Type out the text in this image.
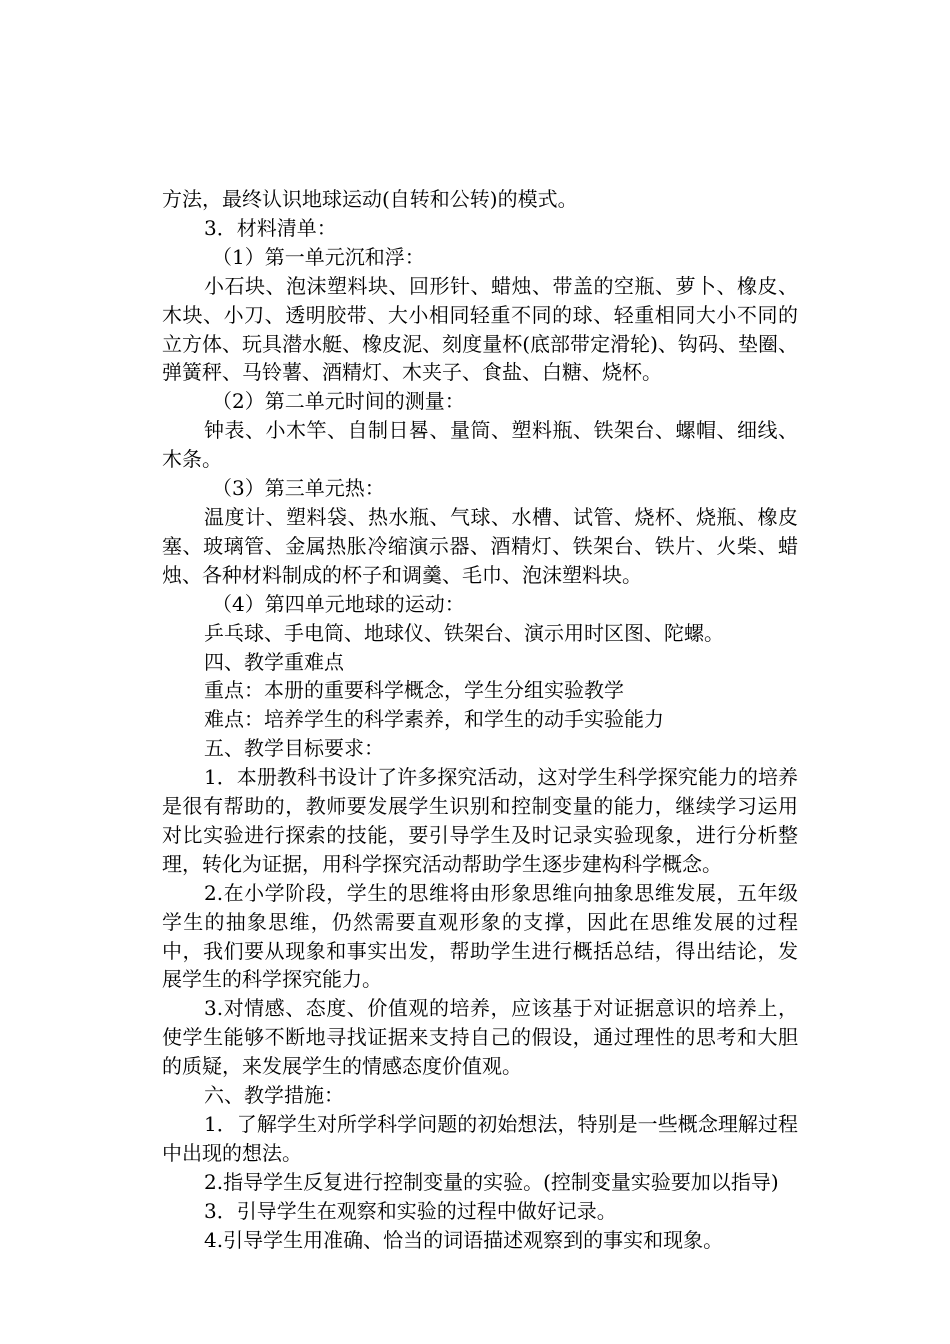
方法，最终认识地球运动(自转和公转)的模式。

3．材料清单：

（1）第一单元沉和浮：

小石块、泡沫塑料块、回形针、蜡烛、带盖的空瓶、萝卜、橡皮、木块、小刀、透明胶带、大小相同轻重不同的球、轻重相同大小不同的立方体、玩具潜水艇、橡皮泥、刻度量杯(底部带定滑轮)、钩码、垫圈、弹簧秤、马铃薯、酒精灯、木夹子、食盐、白糖、烧杯。

（2）第二单元时间的测量：

钟表、小木竿、自制日晷、量筒、塑料瓶、铁架台、螺帽、细线、木条。

（3）第三单元热：

温度计、塑料袋、热水瓶、气球、水槽、试管、烧杯、烧瓶、橡皮塞、玻璃管、金属热胀冷缩演示器、酒精灯、铁架台、铁片、火柴、蜡烛、各种材料制成的杯子和调羹、毛巾、泡沫塑料块。

（4）第四单元地球的运动：

乒乓球、手电筒、地球仪、铁架台、演示用时区图、陀螺。

四、教学重难点

重点：本册的重要科学概念，学生分组实验教学

难点：培养学生的科学素养，和学生的动手实验能力

五、教学目标要求：

1．本册教科书设计了许多探究活动，这对学生科学探究能力的培养是很有帮助的，教师要发展学生识别和控制变量的能力，继续学习运用对比实验进行探索的技能，要引导学生及时记录实验现象，进行分析整理，转化为证据，用科学探究活动帮助学生逐步建构科学概念。

2.在小学阶段，学生的思维将由形象思维向抽象思维发展，五年级学生的抽象思维，仍然需要直观形象的支撑，因此在思维发展的过程中，我们要从现象和事实出发，帮助学生进行概括总结，得出结论，发展学生的科学探究能力。

3.对情感、态度、价值观的培养，应该基于对证据意识的培养上，使学生能够不断地寻找证据来支持自己的假设，通过理性的思考和大胆的质疑，来发展学生的情感态度价值观。

六、教学措施：

1．了解学生对所学科学问题的初始想法，特别是一些概念理解过程中出现的想法。

2.指导学生反复进行控制变量的实验。(控制变量实验要加以指导)

3．引导学生在观察和实验的过程中做好记录。

4.引导学生用准确、恰当的词语描述观察到的事实和现象。
